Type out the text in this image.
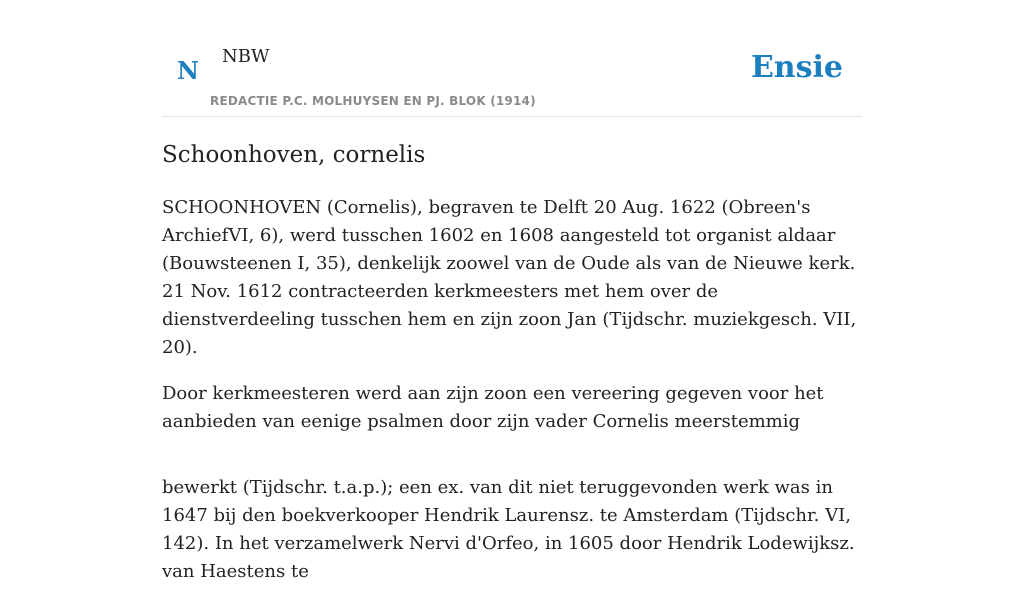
N NBW
REDACTIE P.C. MOLHUYSEN EN PJ. BLOK (1914)
Ensie
Schoonhoven, cornelis

SCHOONHOVEN (Cornelis), begraven te Delft 20 Aug. 1622 (Obreen's ArchiefVI, 6), werd tusschen 1602 en 1608 aangesteld tot organist aldaar (Bouwsteenen I, 35), denkelijk zoowel van de Oude als van de Nieuwe kerk. 21 Nov. 1612 contracteerden kerkmeesters met hem over de dienstverdeeling tusschen hem en zijn zoon Jan (Tijdschr. muziekgesch. VII, 20).

Door kerkmeesteren werd aan zijn zoon een vereering gegeven voor het aanbieden van eenige psalmen door zijn vader Cornelis meerstemmig

bewerkt (Tijdschr. t.a.p.); een ex. van dit niet teruggevonden werk was in 1647 bij den boekverkooper Hendrik Laurensz. te Amsterdam (Tijdschr. VI, 142). In het verzamelwerk Nervi d'Orfeo, in 1605 door Hendrik Lodewijksz. van Haestens te
